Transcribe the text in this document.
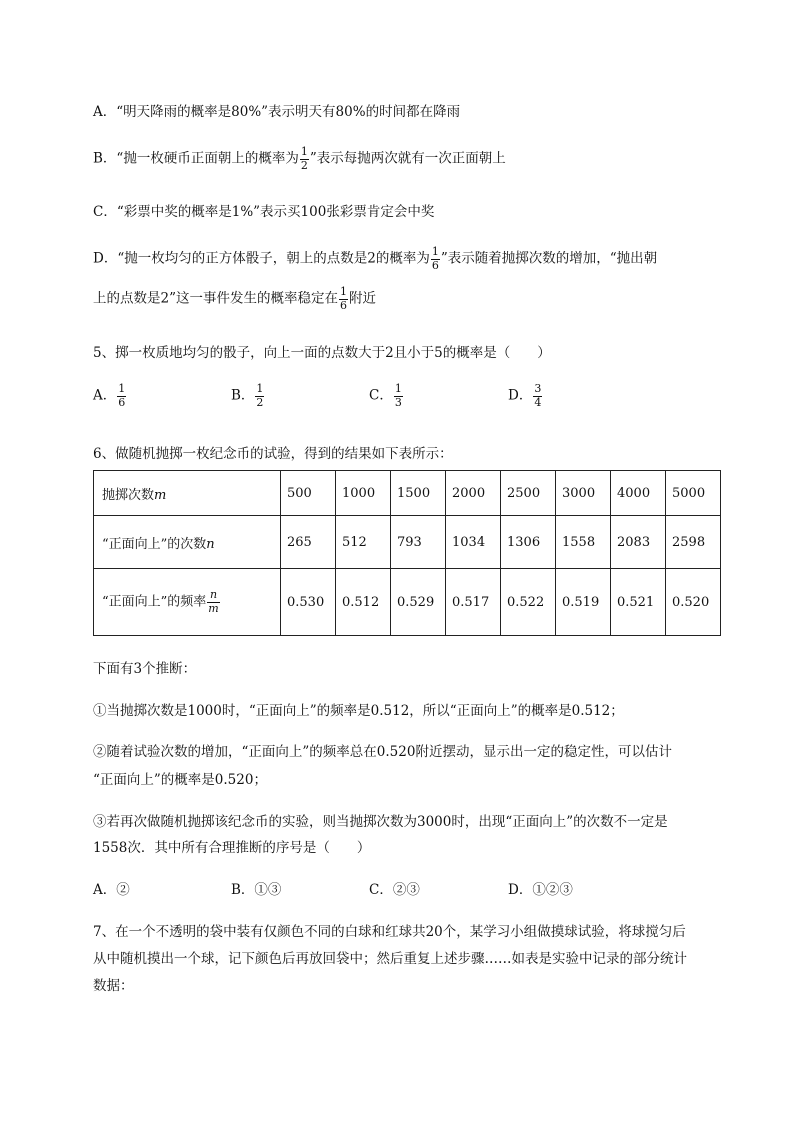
A．“明天降雨的概率是80%”表示明天有80%的时间都在降雨
B．“抛一枚硬币正面朝上的概率为 $\frac{1}{2}$ ”表示每抛两次就有一次正面朝上
C．“彩票中奖的概率是1%”表示买100张彩票肯定会中奖
D．“抛一枚均匀的正方体骰子，朝上的点数是2的概率为 $\frac{1}{6}$ ”表示随着抛掷次数的增加，“抛出朝
上的点数是2”这一事件发生的概率稳定在 $\frac{1}{6}$ 附近
5、掷一枚质地均匀的骰子，向上一面的点数大于2且小于5的概率是（　　）
A． $\frac{1}{6}$	B． $\frac{1}{2}$	C． $\frac{1}{3}$	D． $\frac{3}{4}$
6、做随机抛掷一枚纪念币的试验，得到的结果如下表所示：
抛掷次数m	500	1000	1500	2000	2500	3000	4000	5000
“正面向上”的次数n	265	512	793	1034	1306	1558	2083	2598
“正面向上”的频率 $\frac{n}{m}$	0.530	0.512	0.529	0.517	0.522	0.519	0.521	0.520
下面有3个推断：
①当抛掷次数是1000时，“正面向上”的频率是0.512，所以“正面向上”的概率是0.512；
②随着试验次数的增加，“正面向上”的频率总在0.520附近摆动，显示出一定的稳定性，可以估计
“正面向上”的概率是0.520；
③若再次做随机抛掷该纪念币的实验，则当抛掷次数为3000时，出现“正面向上”的次数不一定是
1558次．其中所有合理推断的序号是（　　）
A．②	B．①③	C．②③	D．①②③
7、在一个不透明的袋中装有仅颜色不同的白球和红球共20个，某学习小组做摸球试验，将球搅匀后
从中随机摸出一个球，记下颜色后再放回袋中；然后重复上述步骤……如表是实验中记录的部分统计
数据：
